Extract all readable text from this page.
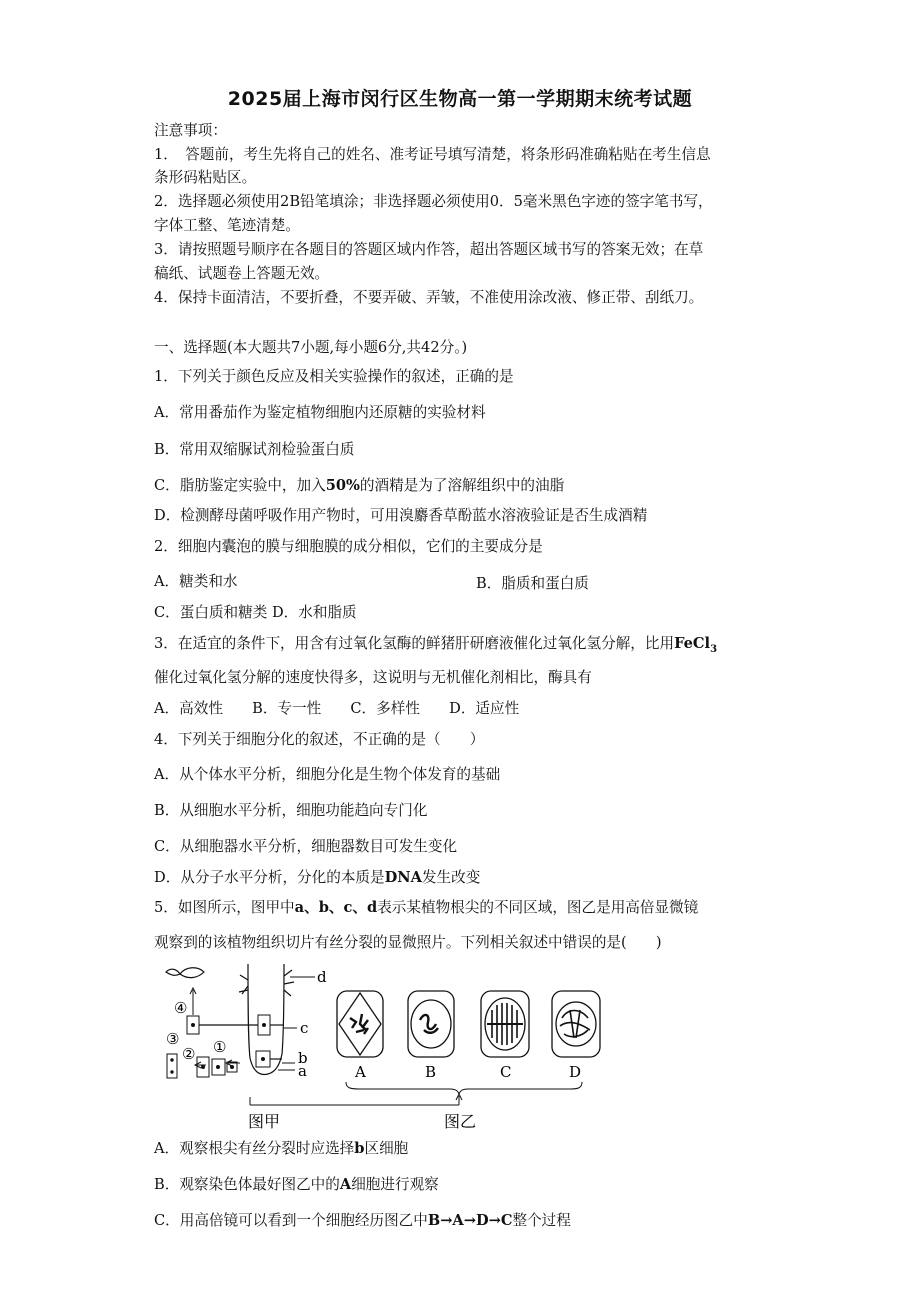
2025届上海市闵行区生物高一第一学期期末统考试题
注意事项：
1．　答题前，考生先将自己的姓名、准考证号填写清楚，将条形码准确粘贴在考生信息
条形码粘贴区。
2．选择题必须使用2B铅笔填涂；非选择题必须使用0．5毫米黑色字迹的签字笔书写，
字体工整、笔迹清楚。
3．请按照题号顺序在各题目的答题区域内作答，超出答题区域书写的答案无效；在草
稿纸、试题卷上答题无效。
4．保持卡面清洁，不要折叠，不要弄破、弄皱，不准使用涂改液、修正带、刮纸刀。
一、选择题(本大题共7小题,每小题6分,共42分。)
1．下列关于颜色反应及相关实验操作的叙述，正确的是
A．常用番茄作为鉴定植物细胞内还原糖的实验材料
B．常用双缩脲试剂检验蛋白质
C．脂肪鉴定实验中，加入50%的酒精是为了溶解组织中的油脂
D．检测酵母菌呼吸作用产物时，可用溴麝香草酚蓝水溶液验证是否生成酒精
2．细胞内囊泡的膜与细胞膜的成分相似，它们的主要成分是
A．糖类和水	B．脂质和蛋白质
C．蛋白质和糖类 D．水和脂质
3．在适宜的条件下，用含有过氧化氢酶的鲜猪肝研磨液催化过氧化氢分解，比用FeCl$_3$
催化过氧化氢分解的速度快得多，这说明与无机催化剂相比，酶具有
A．高效性　　B．专一性　　C．多样性　　D．适应性
4．下列关于细胞分化的叙述，不正确的是（　　）
A．从个体水平分析，细胞分化是生物个体发育的基础
B．从细胞水平分析，细胞功能趋向专门化
C．从细胞器水平分析，细胞器数目可发生变化
D．从分子水平分析，分化的本质是DNA发生改变
5．如图所示，图甲中a、b、c、d表示某植物根尖的不同区域，图乙是用高倍显微镜
观察到的该植物组织切片有丝分裂的显微照片。下列相关叙述中错误的是(　　)
④
③
② ①
d
c
b
a	A	B	C	D
图甲	图乙
A．观察根尖有丝分裂时应选择b区细胞
B．观察染色体最好图乙中的A细胞进行观察
C．用高倍镜可以看到一个细胞经历图乙中B→A→D→C整个过程
